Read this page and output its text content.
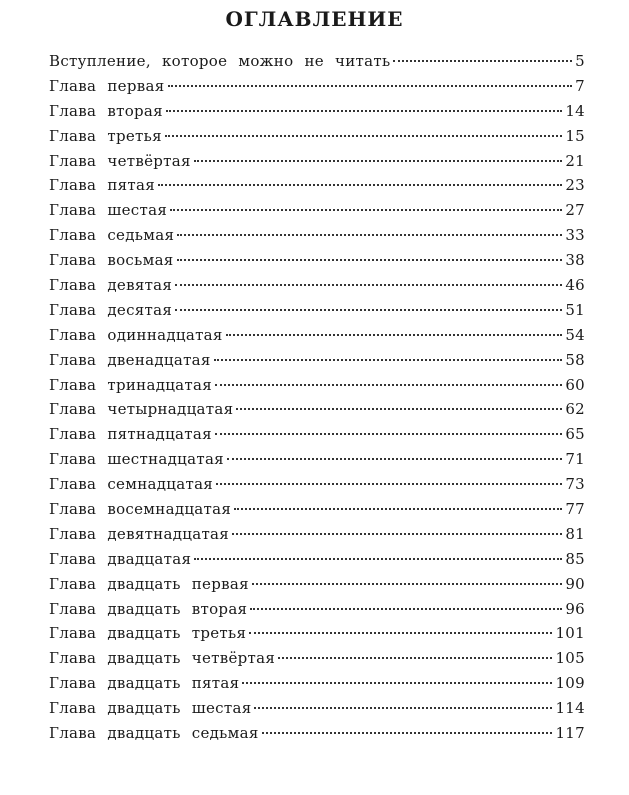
ОГЛАВЛЕНИЕ
Вступление, которое можно не читать	5
Глава первая	7
Глава вторая	14
Глава третья	15
Глава четвёртая	21
Глава пятая	23
Глава шестая	27
Глава седьмая	33
Глава восьмая	38
Глава девятая	46
Глава десятая	51
Глава одиннадцатая	54
Глава двенадцатая	58
Глава тринадцатая	60
Глава четырнадцатая	62
Глава пятнадцатая	65
Глава шестнадцатая	71
Глава семнадцатая	73
Глава восемнадцатая	77
Глава девятнадцатая	81
Глава двадцатая	85
Глава двадцать первая	90
Глава двадцать вторая	96
Глава двадцать третья	101
Глава двадцать четвёртая	105
Глава двадцать пятая	109
Глава двадцать шестая	114
Глава двадцать седьмая	117
